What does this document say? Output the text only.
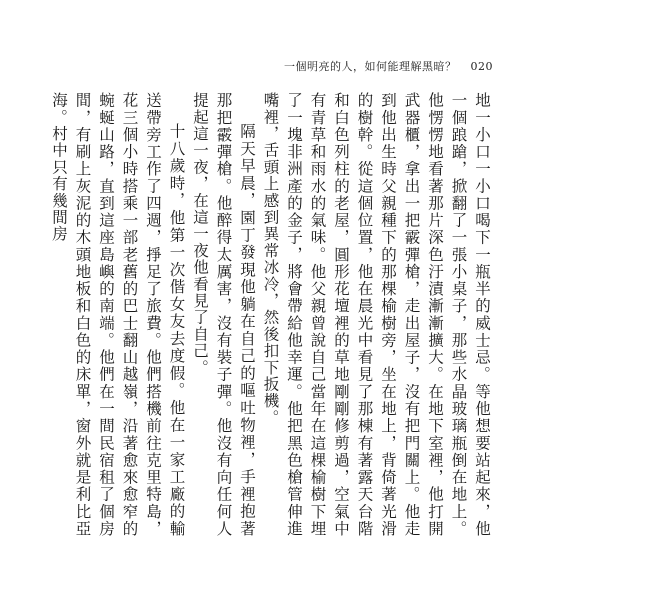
一個明亮的人，如何能理解黑暗？ 020

地一小口一小口喝下一瓶半的威士忌。等他想要站起來，他一個踉蹌，掀翻了一張小桌子，那些水晶玻璃瓶倒在地上。他愣愣地看著那片深色汙漬漸漸擴大。在地下室裡，他打開武器櫃，拿出一把霰彈槍，走出屋子，沒有把門關上。他走到他出生時父親種下的那棵榆樹旁，坐在地上，背倚著光滑的樹幹。從這個位置，他在晨光中看見了那棟有著露天台階和白色列柱的老屋，圓形花壇裡的草地剛剛修剪過，空氣中有青草和雨水的氣味。他父親曾說自己當年在這棵榆樹下埋了一塊非洲產的金子，將會帶給他幸運。他把黑色槍管伸進嘴裡，舌頭上感到異常冰冷，然後扣下扳機。

隔天早晨，園丁發現他躺在自己的嘔吐物裡，手裡抱著那把霰彈槍。他醉得太厲害，沒有裝子彈。他沒有向任何人提起這一夜，在這一夜他看見了自己。

十八歲時，他第一次偕女友去度假。他在一家工廠的輸送帶旁工作了四週，掙足了旅費。他們搭機前往克里特島，花三個小時搭乘一部老舊的巴士翻山越嶺，沿著愈來愈窄的蜿蜒山路，直到這座島嶼的南端。他們在一間民宿租了個房間，有刷上灰泥的木頭地板和白色的床單，窗外就是利比亞海。村中只有幾間房
